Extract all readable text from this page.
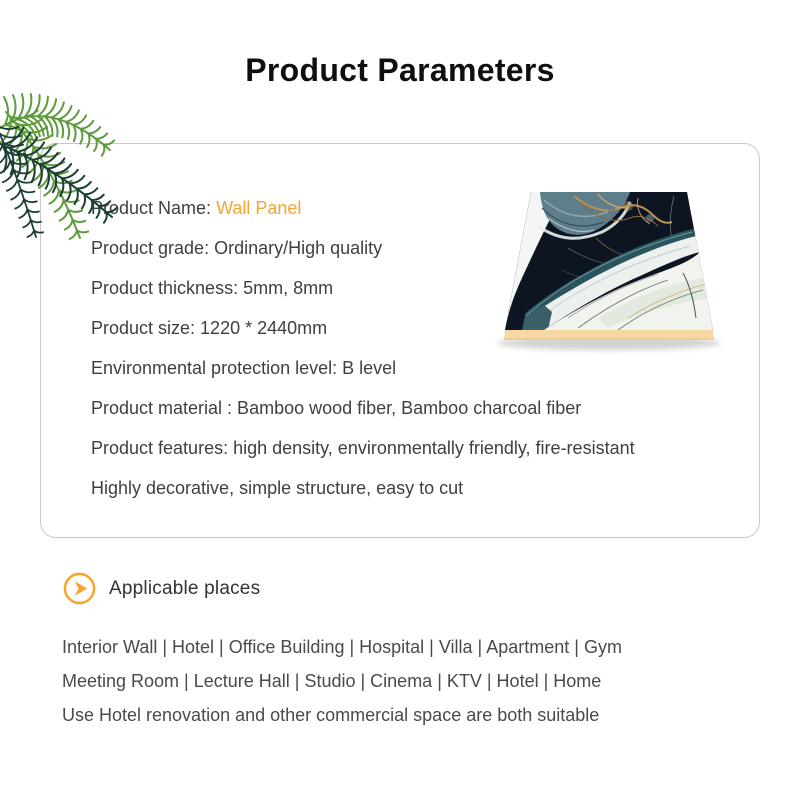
Product Parameters
Product Name: Wall Panel
Product grade: Ordinary/High quality
Product thickness: 5mm, 8mm
Product size: 1220 * 2440mm
Environmental protection level: B level
Product material : Bamboo wood fiber, Bamboo charcoal fiber
Product features: high density, environmentally friendly, fire-resistant
Highly decorative, simple structure, easy to cut
Applicable places
Interior Wall | Hotel | Office Building | Hospital | Villa | Apartment | Gym
Meeting Room | Lecture Hall | Studio | Cinema | KTV | Hotel | Home
Use Hotel renovation and other commercial space are both suitable
